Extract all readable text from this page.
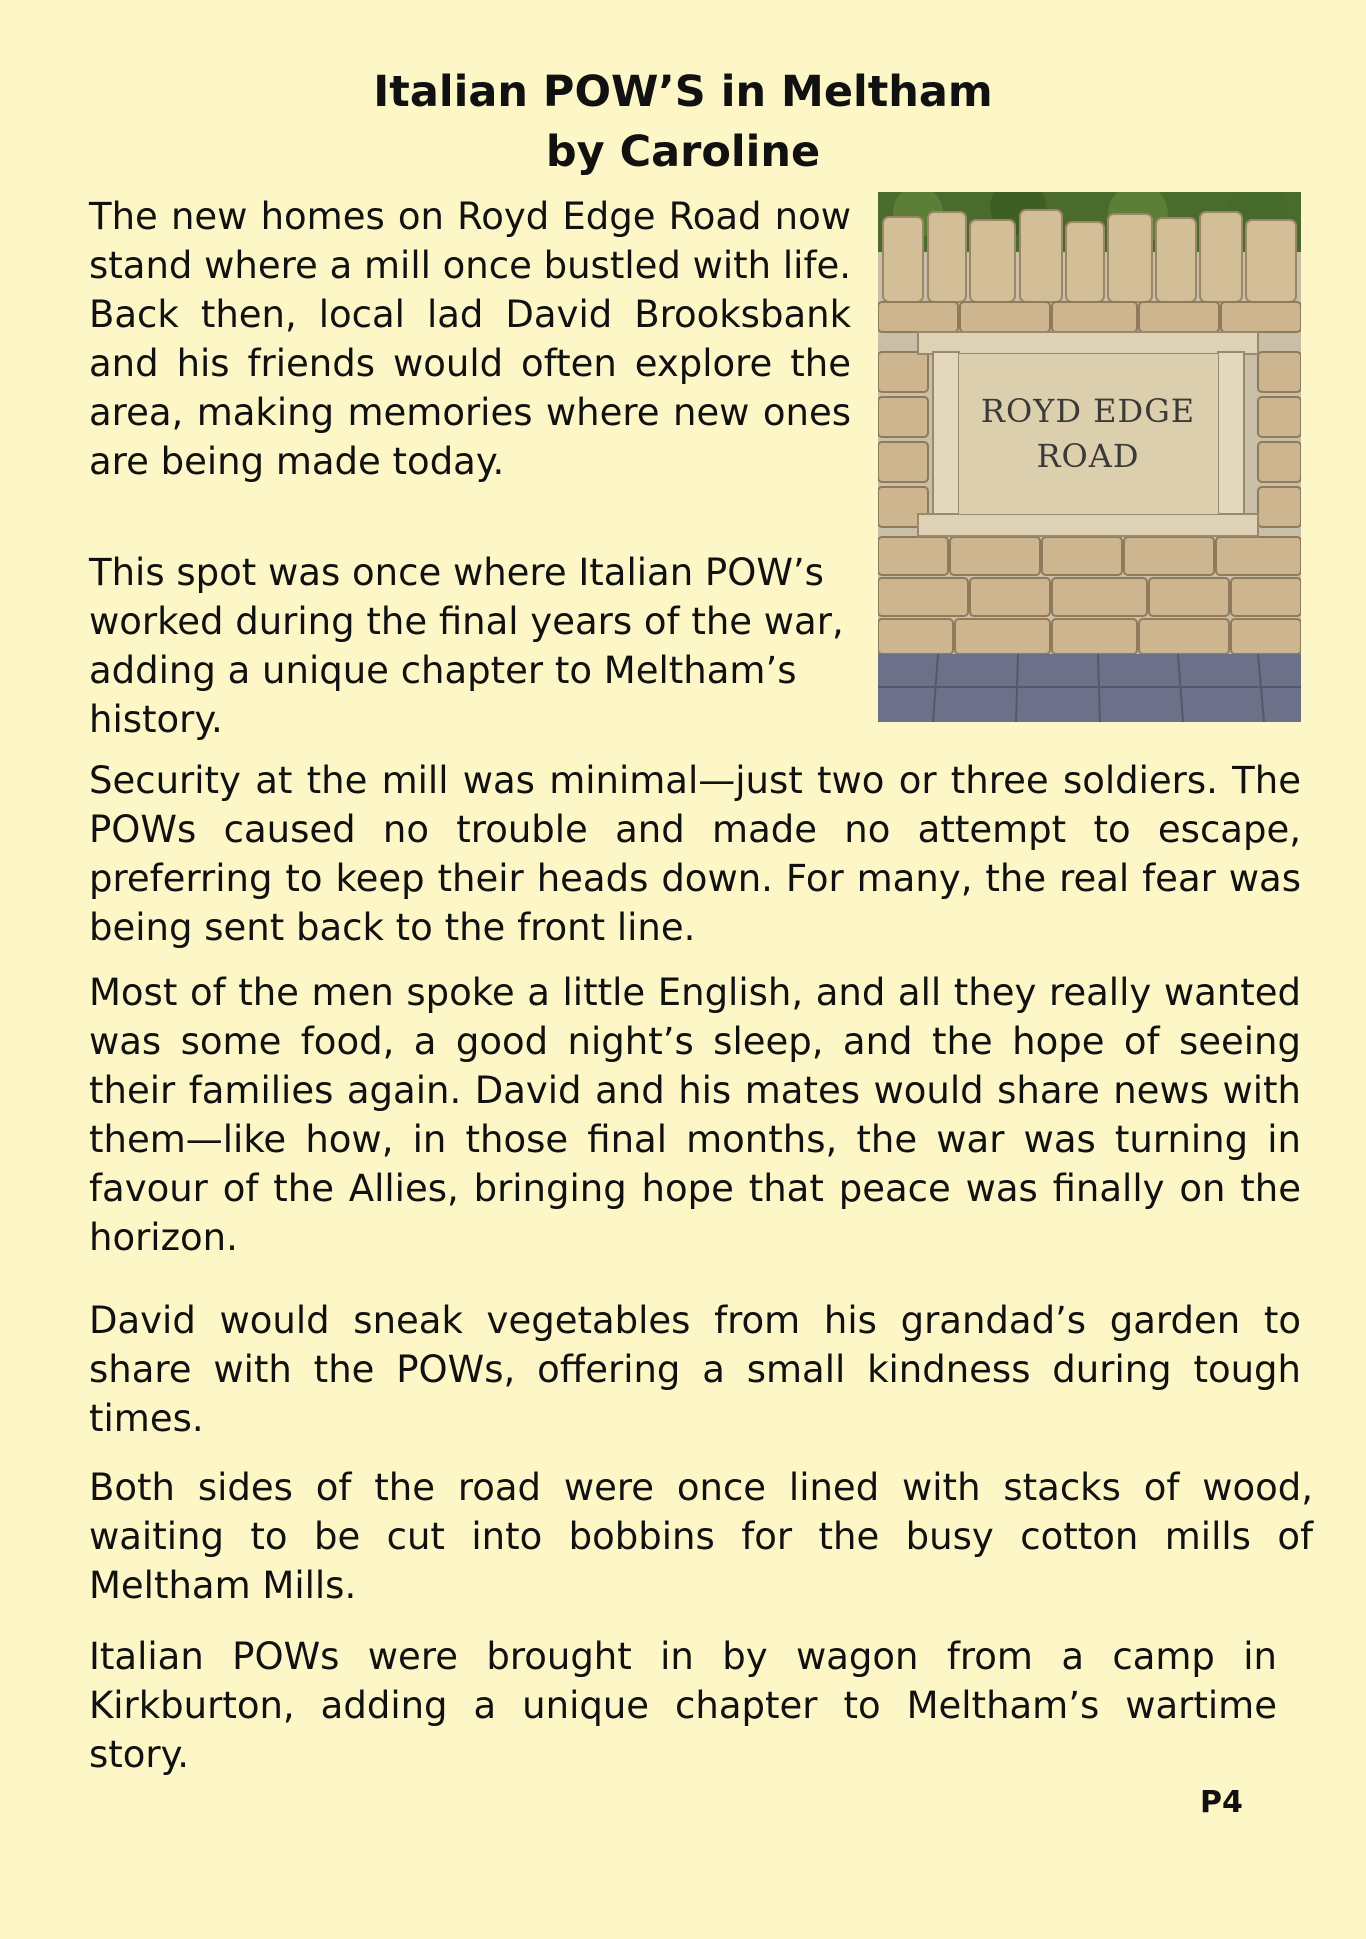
Italian POW’S in Meltham
by Caroline

The new homes on Royd Edge Road now stand where a mill once bustled with life. Back then, local lad David Brooksbank and his friends would often explore the area, making memories where new ones are being made today.

This spot was once where Italian POW’s worked during the final years of the war, adding a unique chapter to Meltham’s history.

ROYD EDGE
ROAD

Security at the mill was minimal—just two or three soldiers. The POWs caused no trouble and made no attempt to escape, preferring to keep their heads down. For many, the real fear was being sent back to the front line.

Most of the men spoke a little English, and all they really wanted was some food, a good night’s sleep, and the hope of seeing their families again. David and his mates would share news with them—like how, in those final months, the war was turning in favour of the Allies, bringing hope that peace was finally on the horizon.

David would sneak vegetables from his grandad’s garden to share with the POWs, offering a small kindness during tough times.

Both sides of the road were once lined with stacks of wood, waiting to be cut into bobbins for the busy cotton mills of Meltham Mills.

Italian POWs were brought in by wagon from a camp in Kirkburton, adding a unique chapter to Meltham’s wartime story.

P4
